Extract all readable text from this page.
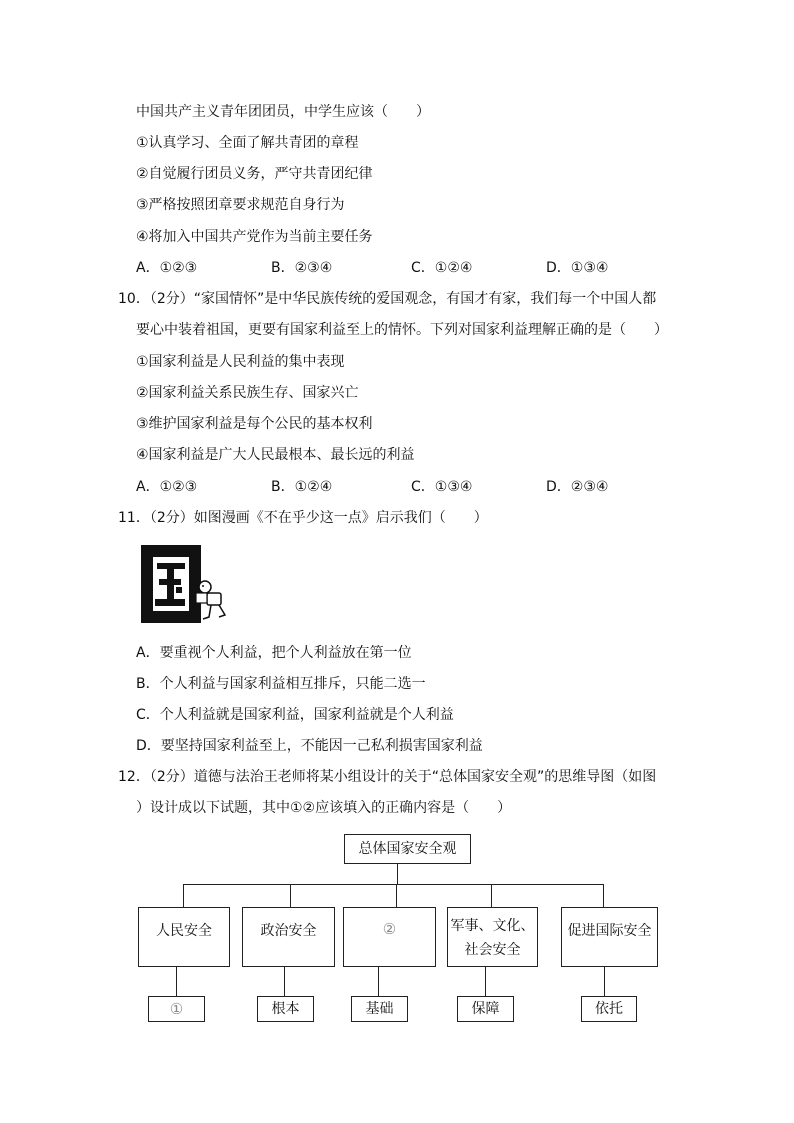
中国共产主义青年团团员，中学生应该（　　）
①认真学习、全面了解共青团的章程
②自觉履行团员义务，严守共青团纪律
③严格按照团章要求规范自身行为
④将加入中国共产党作为当前主要任务
A．①②③	B．②③④	C．①②④	D．①③④
10．（2分）“家国情怀”是中华民族传统的爱国观念，有国才有家，我们每一个中国人都
要心中装着祖国，更要有国家利益至上的情怀。下列对国家利益理解正确的是（　　）
①国家利益是人民利益的集中表现
②国家利益关系民族生存、国家兴亡
③维护国家利益是每个公民的基本权利
④国家利益是广大人民最根本、最长远的利益
A．①②③	B．①②④	C．①③④	D．②③④
11．（2分）如图漫画《不在乎少这一点》启示我们（　　）
A．要重视个人利益，把个人利益放在第一位
B．个人利益与国家利益相互排斥，只能二选一
C．个人利益就是国家利益，国家利益就是个人利益
D．要坚持国家利益至上，不能因一己私利损害国家利益
12．（2分）道德与法治王老师将某小组设计的关于“总体国家安全观”的思维导图（如图
）设计成以下试题，其中①②应该填入的正确内容是（　　）
总体国家安全观
人民安全	政治安全	②	军事、文化、
社会安全
促进国际安全
①	根本	基础	保障	依托
